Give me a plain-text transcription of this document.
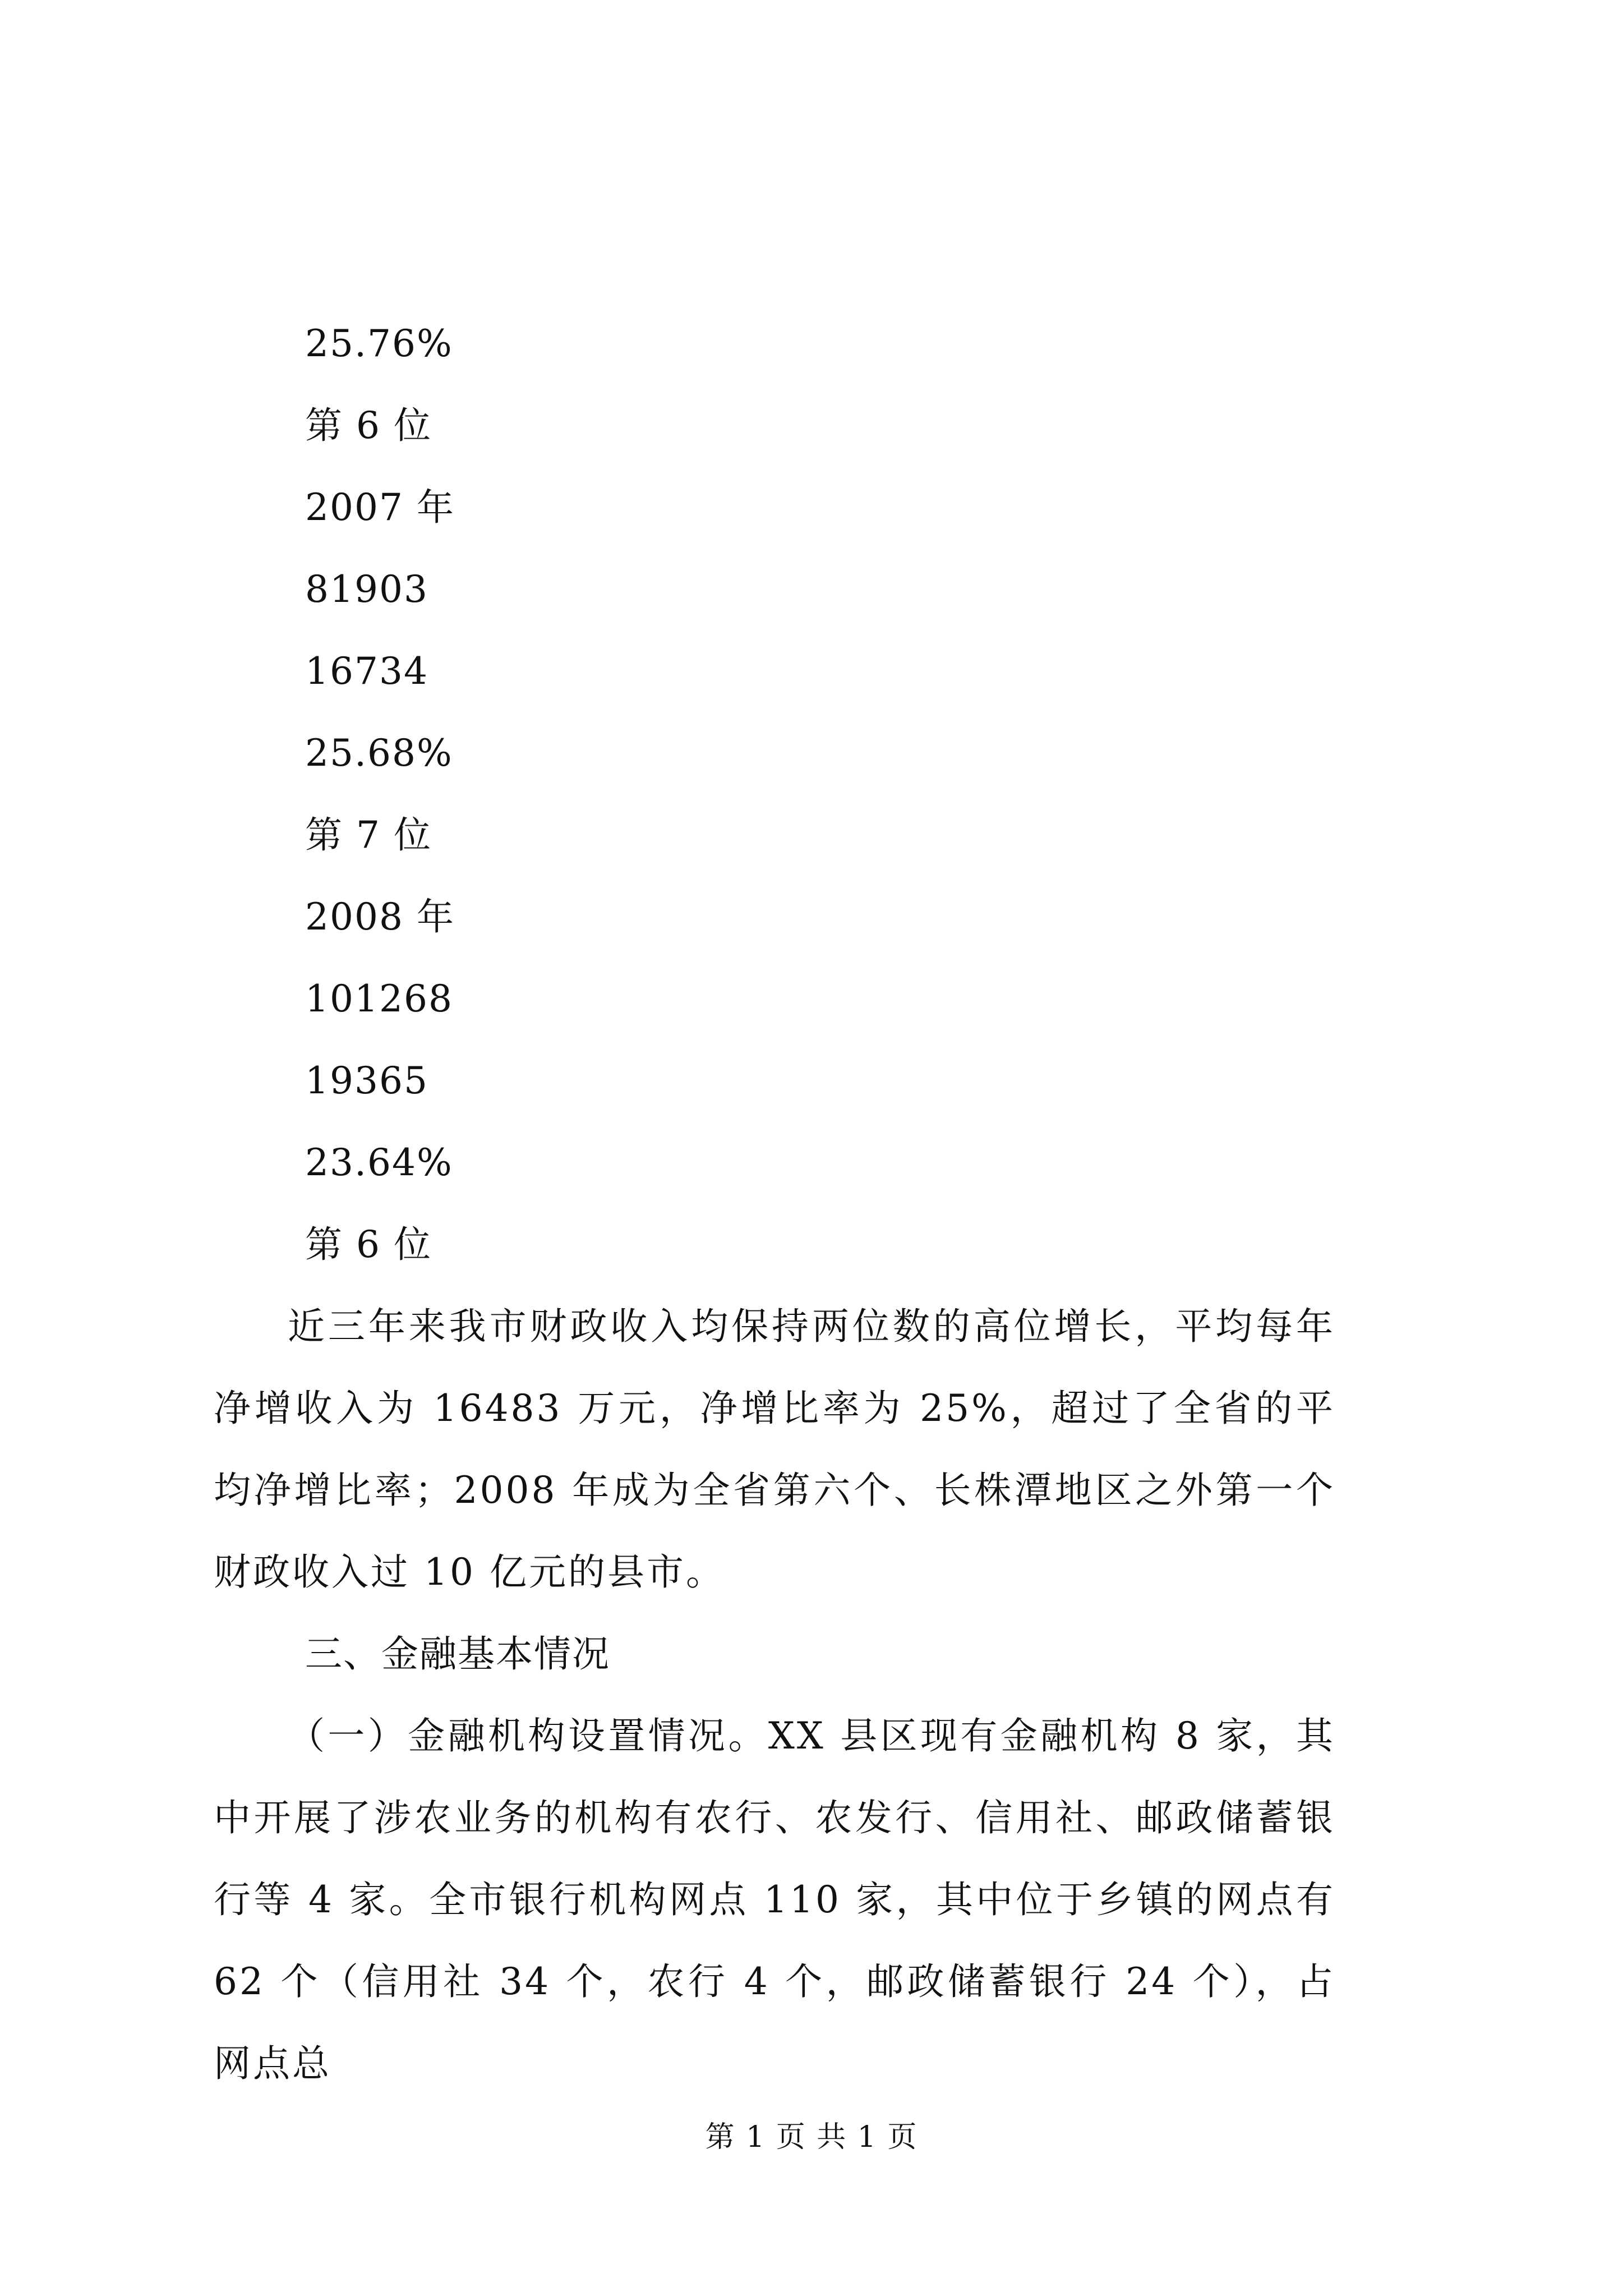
25.76%
第 6 位
2007 年
81903
16734
25.68%
第 7 位
2008 年
101268
19365
23.64%
第 6 位

近三年来我市财政收入均保持两位数的高位增长，平均每年净增收入为 16483 万元，净增比率为 25%，超过了全省的平均净增比率；2008 年成为全省第六个、长株潭地区之外第一个财政收入过 10 亿元的县市。

三、金融基本情况

（一）金融机构设置情况。XX 县区现有金融机构 8 家，其中开展了涉农业务的机构有农行、农发行、信用社、邮政储蓄银行等 4 家。全市银行机构网点 110 家，其中位于乡镇的网点有 62 个（信用社 34 个，农行 4 个，邮政储蓄银行 24 个），占网点总

第 1 页 共 1 页
